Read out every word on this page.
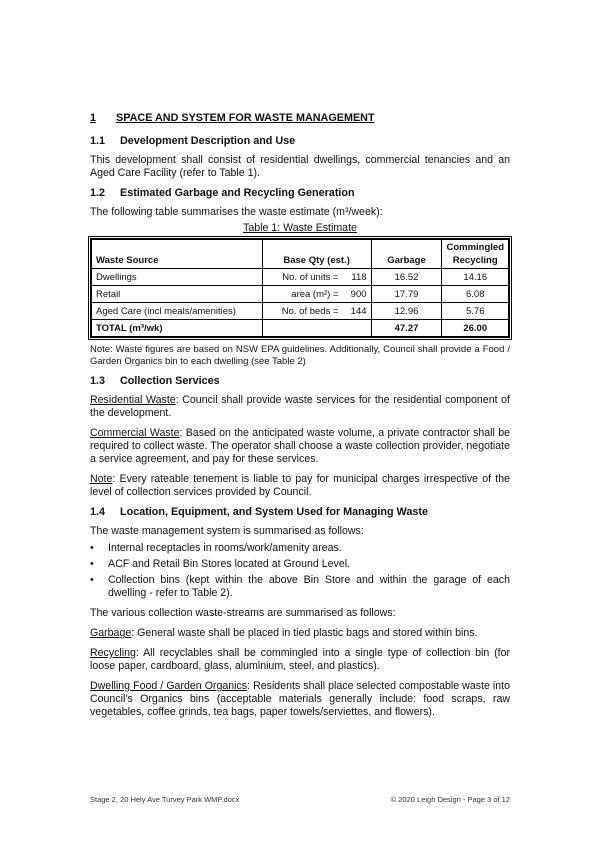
1	SPACE AND SYSTEM FOR WASTE MANAGEMENT
1.1	Development Description and Use

This development shall consist of residential dwellings, commercial tenancies and an Aged Care Facility (refer to Table 1).

1.2	Estimated Garbage and Recycling Generation

The following table summarises the waste estimate (m³/week):

Table 1: Waste Estimate
Waste Source	Base Qty (est.)	Garbage	Commingled Recycling
Dwellings	No. of units = 118	16.52	14.16
Retail	area (m²) = 900	17.79	6.08
Aged Care (incl meals/amenities)	No. of beds = 144	12.96	5.76
TOTAL (m³/wk)		47.27	26.00

Note: Waste figures are based on NSW EPA guidelines. Additionally, Council shall provide a Food / Garden Organics bin to each dwelling (see Table 2)

1.3	Collection Services

Residential Waste: Council shall provide waste services for the residential component of the development.

Commercial Waste: Based on the anticipated waste volume, a private contractor shall be required to collect waste. The operator shall choose a waste collection provider, negotiate a service agreement, and pay for these services.

Note: Every rateable tenement is liable to pay for municipal charges irrespective of the level of collection services provided by Council.

1.4	Location, Equipment, and System Used for Managing Waste

The waste management system is summarised as follows:

•	Internal receptacles in rooms/work/amenity areas.
•	ACF and Retail Bin Stores located at Ground Level.
•	Collection bins (kept within the above Bin Store and within the garage of each dwelling - refer to Table 2).

The various collection waste-streams are summarised as follows:

Garbage: General waste shall be placed in tied plastic bags and stored within bins.

Recycling: All recyclables shall be commingled into a single type of collection bin (for loose paper, cardboard, glass, aluminium, steel, and plastics).

Dwelling Food / Garden Organics: Residents shall place selected compostable waste into Council’s Organics bins (acceptable materials generally include: food scraps, raw vegetables, coffee grinds, tea bags, paper towels/serviettes, and flowers).

Stage 2, 20 Hely Ave Turvey Park WMP.docx	© 2020 Leigh Design - Page 3 of 12
